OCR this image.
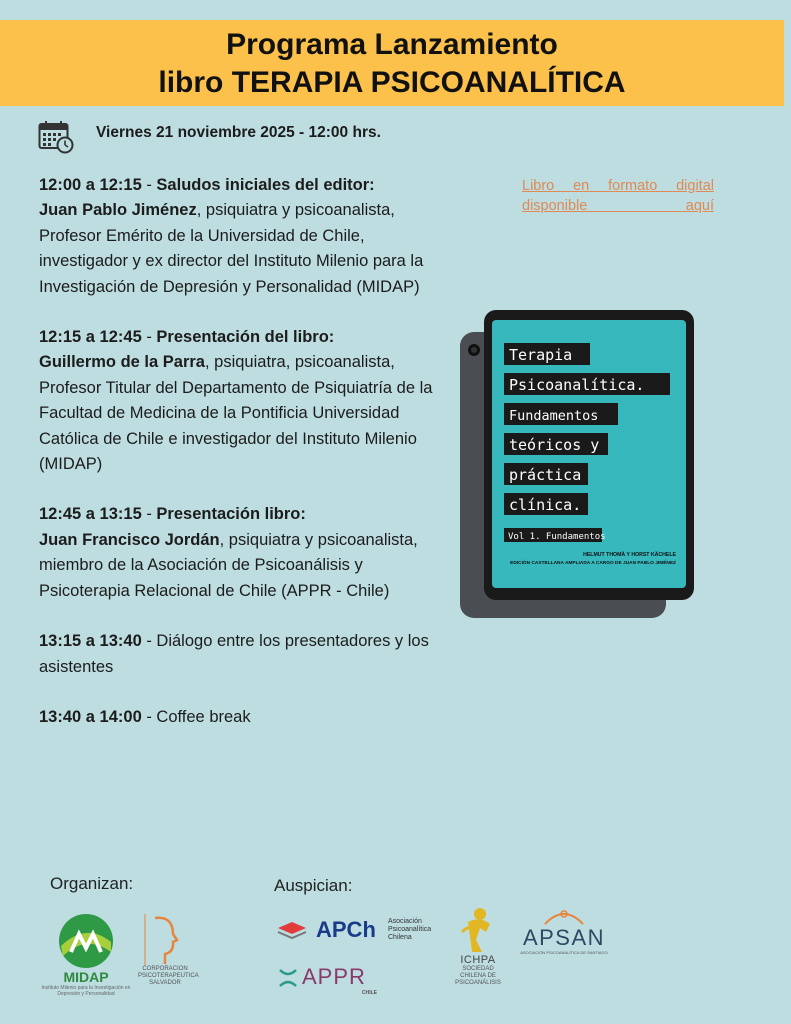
Programa Lanzamiento
libro TERAPIA PSICOANALÍTICA
Viernes 21 noviembre 2025 - 12:00 hrs.

12:00 a 12:15 - Saludos iniciales del editor:
Juan Pablo Jiménez, psiquiatra y psicoanalista, Profesor Emérito de la Universidad de Chile, investigador y ex director del Instituto Milenio para la Investigación de Depresión y Personalidad (MIDAP)

12:15 a 12:45 - Presentación del libro:
Guillermo de la Parra, psiquiatra, psicoanalista, Profesor Titular del Departamento de Psiquiatría de la Facultad de Medicina de la Pontificia Universidad Católica de Chile e investigador del Instituto Milenio (MIDAP)

12:45 a 13:15 - Presentación libro:
Juan Francisco Jordán, psiquiatra y psicoanalista, miembro de la Asociación de Psicoanálisis y Psicoterapia Relacional de Chile (APPR - Chile)

13:15 a 13:40 - Diálogo entre los presentadores y los asistentes

13:40 a 14:00 - Coffee break

Libro en formato digital disponible aquí
Terapia
Psicoanalítica.
Fundamentos
teóricos y
práctica
clínica.
Vol 1. Fundamentos
HELMUT THOMÄ Y HORST KÄCHELE
EDICIÓN CASTELLANA AMPLIADA A CARGO DE JUAN PABLO JIMÉNEZ
Organizan:	Auspician:
MIDAP
Instituto Milenio para la Investigación en Depresión y Personalidad
CORPORACION
PSICOTERAPEUTICA
SALVADOR
APCh Asociación
Psicoanalítica
Chilena
APPR
CHILE
ICHPA
SOCIEDAD
CHILENA DE
PSICOANÁLISIS
APSAN
ASOCIACIÓN PSICOANALÍTICA DE SANTIAGO
